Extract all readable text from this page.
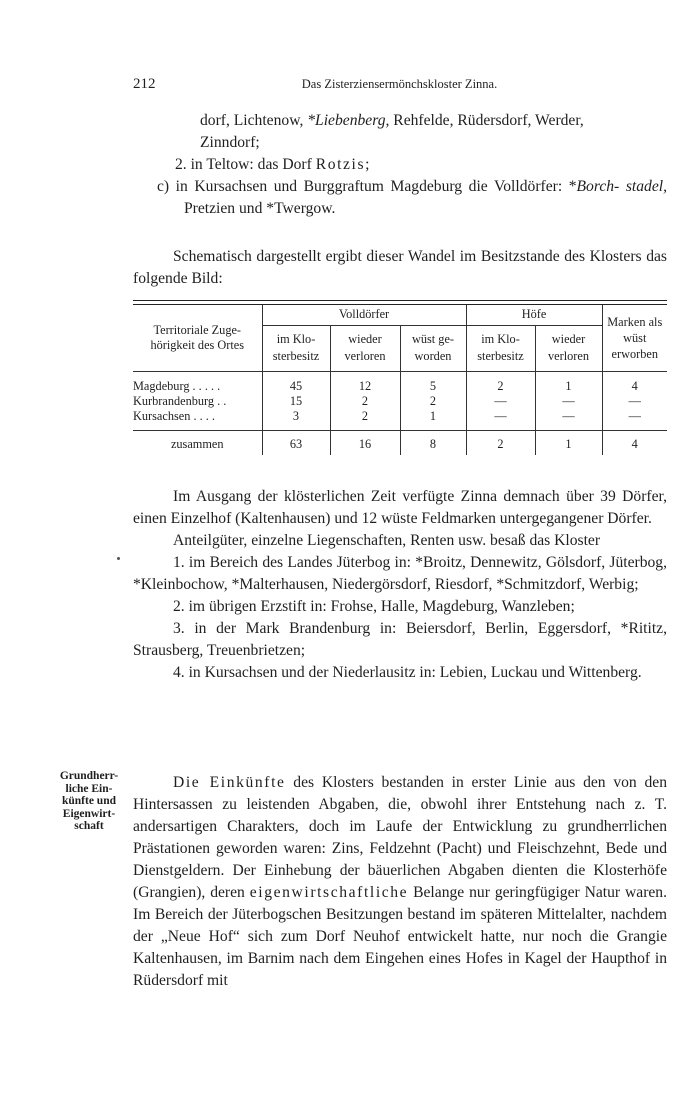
212	Das Zisterziensermönchskloster Zinna.

dorf, Lichtenow, *Liebenberg, Rehfelde, Rüdersdorf, Werder,

Zinndorf;

2. in Teltow: das Dorf Rotzis;

c) in Kursachsen und Burggraftum Magdeburg die Volldörfer: *Borch- stadel, Pretzien und *Twergow.

Schematisch dargestellt ergibt dieser Wandel im Besitzstande des Klosters das folgende Bild:

Territoriale Zuge-hörigkeit des Ortes	Volldörfer			Höfe		Marken als wüst erworben
	im Klo-sterbesitz	wieder verloren	wüst ge-worden	im Klo-sterbesitz	wieder verloren	

Magdeburg . . . . .	45	12	5	2	1	4
Kurbrandenburg . .	15	2	2	—	—	—
Kursachsen . . . .	3	2	1	—	—	—
zusammen	63	16	8	2	1	4

Im Ausgang der klösterlichen Zeit verfügte Zinna demnach über 39 Dörfer, einen Einzelhof (Kaltenhausen) und 12 wüste Feldmarken untergegangener Dörfer.

Anteilgüter, einzelne Liegenschaften, Renten usw. besaß das Kloster

1. im Bereich des Landes Jüterbog in: *Broitz, Dennewitz, Gölsdorf, Jüterbog, *Kleinbochow, *Malterhausen, Niedergörsdorf, Riesdorf, *Schmitzdorf, Werbig;

2. im übrigen Erzstift in: Frohse, Halle, Magdeburg, Wanzleben;

3. in der Mark Brandenburg in: Beiersdorf, Berlin, Eggersdorf, *Rititz, Strausberg, Treuenbrietzen;

4. in Kursachsen und der Niederlausitz in: Lebien, Luckau und Wittenberg.

Die Einkünfte des Klosters bestanden in erster Linie aus den von den Hintersassen zu leistenden Abgaben, die, obwohl ihrer Entstehung nach z. T. andersartigen Charakters, doch im Laufe der Entwicklung zu grundherrlichen Prästationen geworden waren: Zins, Feldzehnt (Pacht) und Fleischzehnt, Bede und Dienstgeldern. Der Einhebung der bäuerlichen Abgaben dienten die Klosterhöfe (Grangien), deren eigenwirtschaftliche Belange nur geringfügiger Natur waren. Im Bereich der Jüterbogschen Besitzungen bestand im späteren Mittelalter, nachdem der „Neue Hof“ sich zum Dorf Neuhof entwickelt hatte, nur noch die Grangie Kaltenhausen, im Barnim nach dem Eingehen eines Hofes in Kagel der Haupthof in Rüdersdorf mit

Grundherr-liche Ein-künfte und Eigenwirt-schaft
